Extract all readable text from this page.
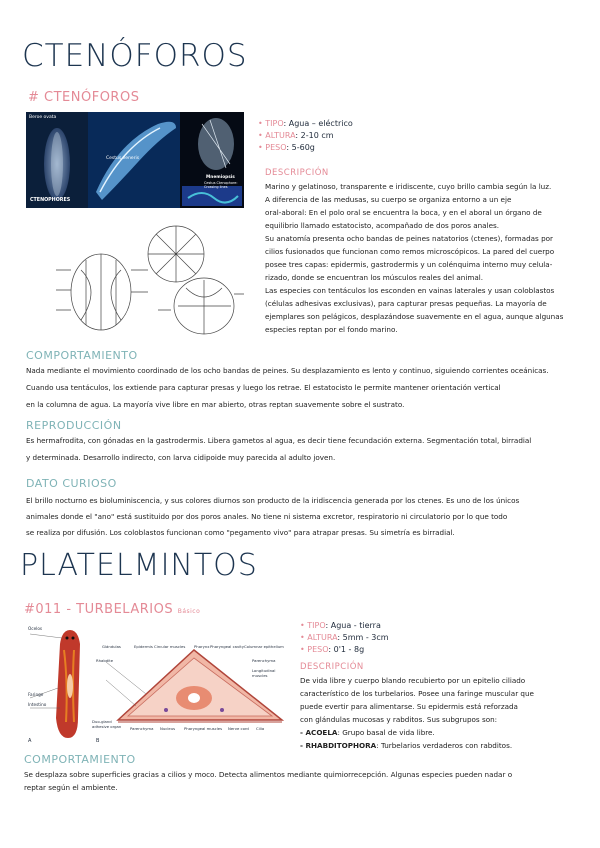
CTENÓFOROS
# CTENÓFOROS
Beroe ovata
CTENOPHORES
Cestus veneris
Mnemiopsis
Cestus Ctenophore: Crossing lines
• TIPO: Agua – eléctrico
• ALTURA: 2-10 cm
• PESO: 5-60g
DESCRIPCIÓN
Marino y gelatinoso, transparente e iridiscente, cuyo brillo cambia según la luz.
A diferencia de las medusas, su cuerpo se organiza entorno a un eje
oral-aboral: En el polo oral se encuentra la boca, y en el aboral un órgano de
equilibrio llamado estatocisto, acompañado de dos poros anales.
Su anatomía presenta ocho bandas de peines natatorios (ctenes), formadas por
cilios fusionados que funcionan como remos microscópicos. La pared del cuerpo
posee tres capas: epidermis, gastrodermis y un colénquima interno muy celula-
rizado, donde se encuentran los músculos reales del animal.
Las especies con tentáculos los esconden en vainas laterales y usan coloblastos
(células adhesivas exclusivas), para capturar presas pequeñas. La mayoría de
ejemplares son pelágicos, desplazándose suavemente en el agua, aunque algunas
especies reptan por el fondo marino.
COMPORTAMIENTO
Nada mediante el movimiento coordinado de los ocho bandas de peines. Su desplazamiento es lento y continuo, siguiendo corrientes oceánicas.
Cuando usa tentáculos, los extiende para capturar presas y luego los retrae. El estatocisto le permite mantener orientación vertical
en la columna de agua. La mayoría vive libre en mar abierto, otras reptan suavemente sobre el sustrato.
REPRODUCCIÓN
Es hermafrodita, con gónadas en la gastrodermis. Libera gametos al agua, es decir tiene fecundación externa. Segmentación total, birradial
y determinada. Desarrollo indirecto, con larva cidipoide muy parecida al adulto joven.
DATO CURIOSO
El brillo nocturno es bioluminiscencia, y sus colores diurnos son producto de la iridiscencia generada por los ctenes. Es uno de los únicos
animales donde el "ano" está sustituido por dos poros anales. No tiene ni sistema excretor, respiratorio ni circulatorio por lo que todo
se realiza por difusión. Los coloblastos funcionan como "pegamento vivo" para atrapar presas. Su simetría es birradial.
PLATELMINTOS
#011 - TURBELARIOS Básico
Ocelos
Faringe
Intestino
Glándulas	Epidermis Circular muscles Pharynx Pharyngeal cavity Columnar epithelium
Parenchyma
Longitudinal muscles
Rhabdite
Duo-gland adhesive organ	Parenchyma Nucleus Pharyngeal muscles Nerve cord Cilia
A	B
• TIPO: Agua - tierra
• ALTURA: 5mm - 3cm
• PESO: 0'1 - 8g
DESCRIPCIÓN
De vida libre y cuerpo blando recubierto por un epitelio ciliado
característico de los turbelarios. Posee una faringe muscular que
puede evertir para alimentarse. Su epidermis está reforzada
con glándulas mucosas y rabditos. Sus subgrupos son:
- ACOELA: Grupo basal de vida libre.
- RHABDITOPHORA: Turbelarios verdaderos con rabditos.
COMPORTAMIENTO
Se desplaza sobre superficies gracias a cilios y moco. Detecta alimentos mediante quimiorrecepción. Algunas especies pueden nadar o
reptar según el ambiente.
